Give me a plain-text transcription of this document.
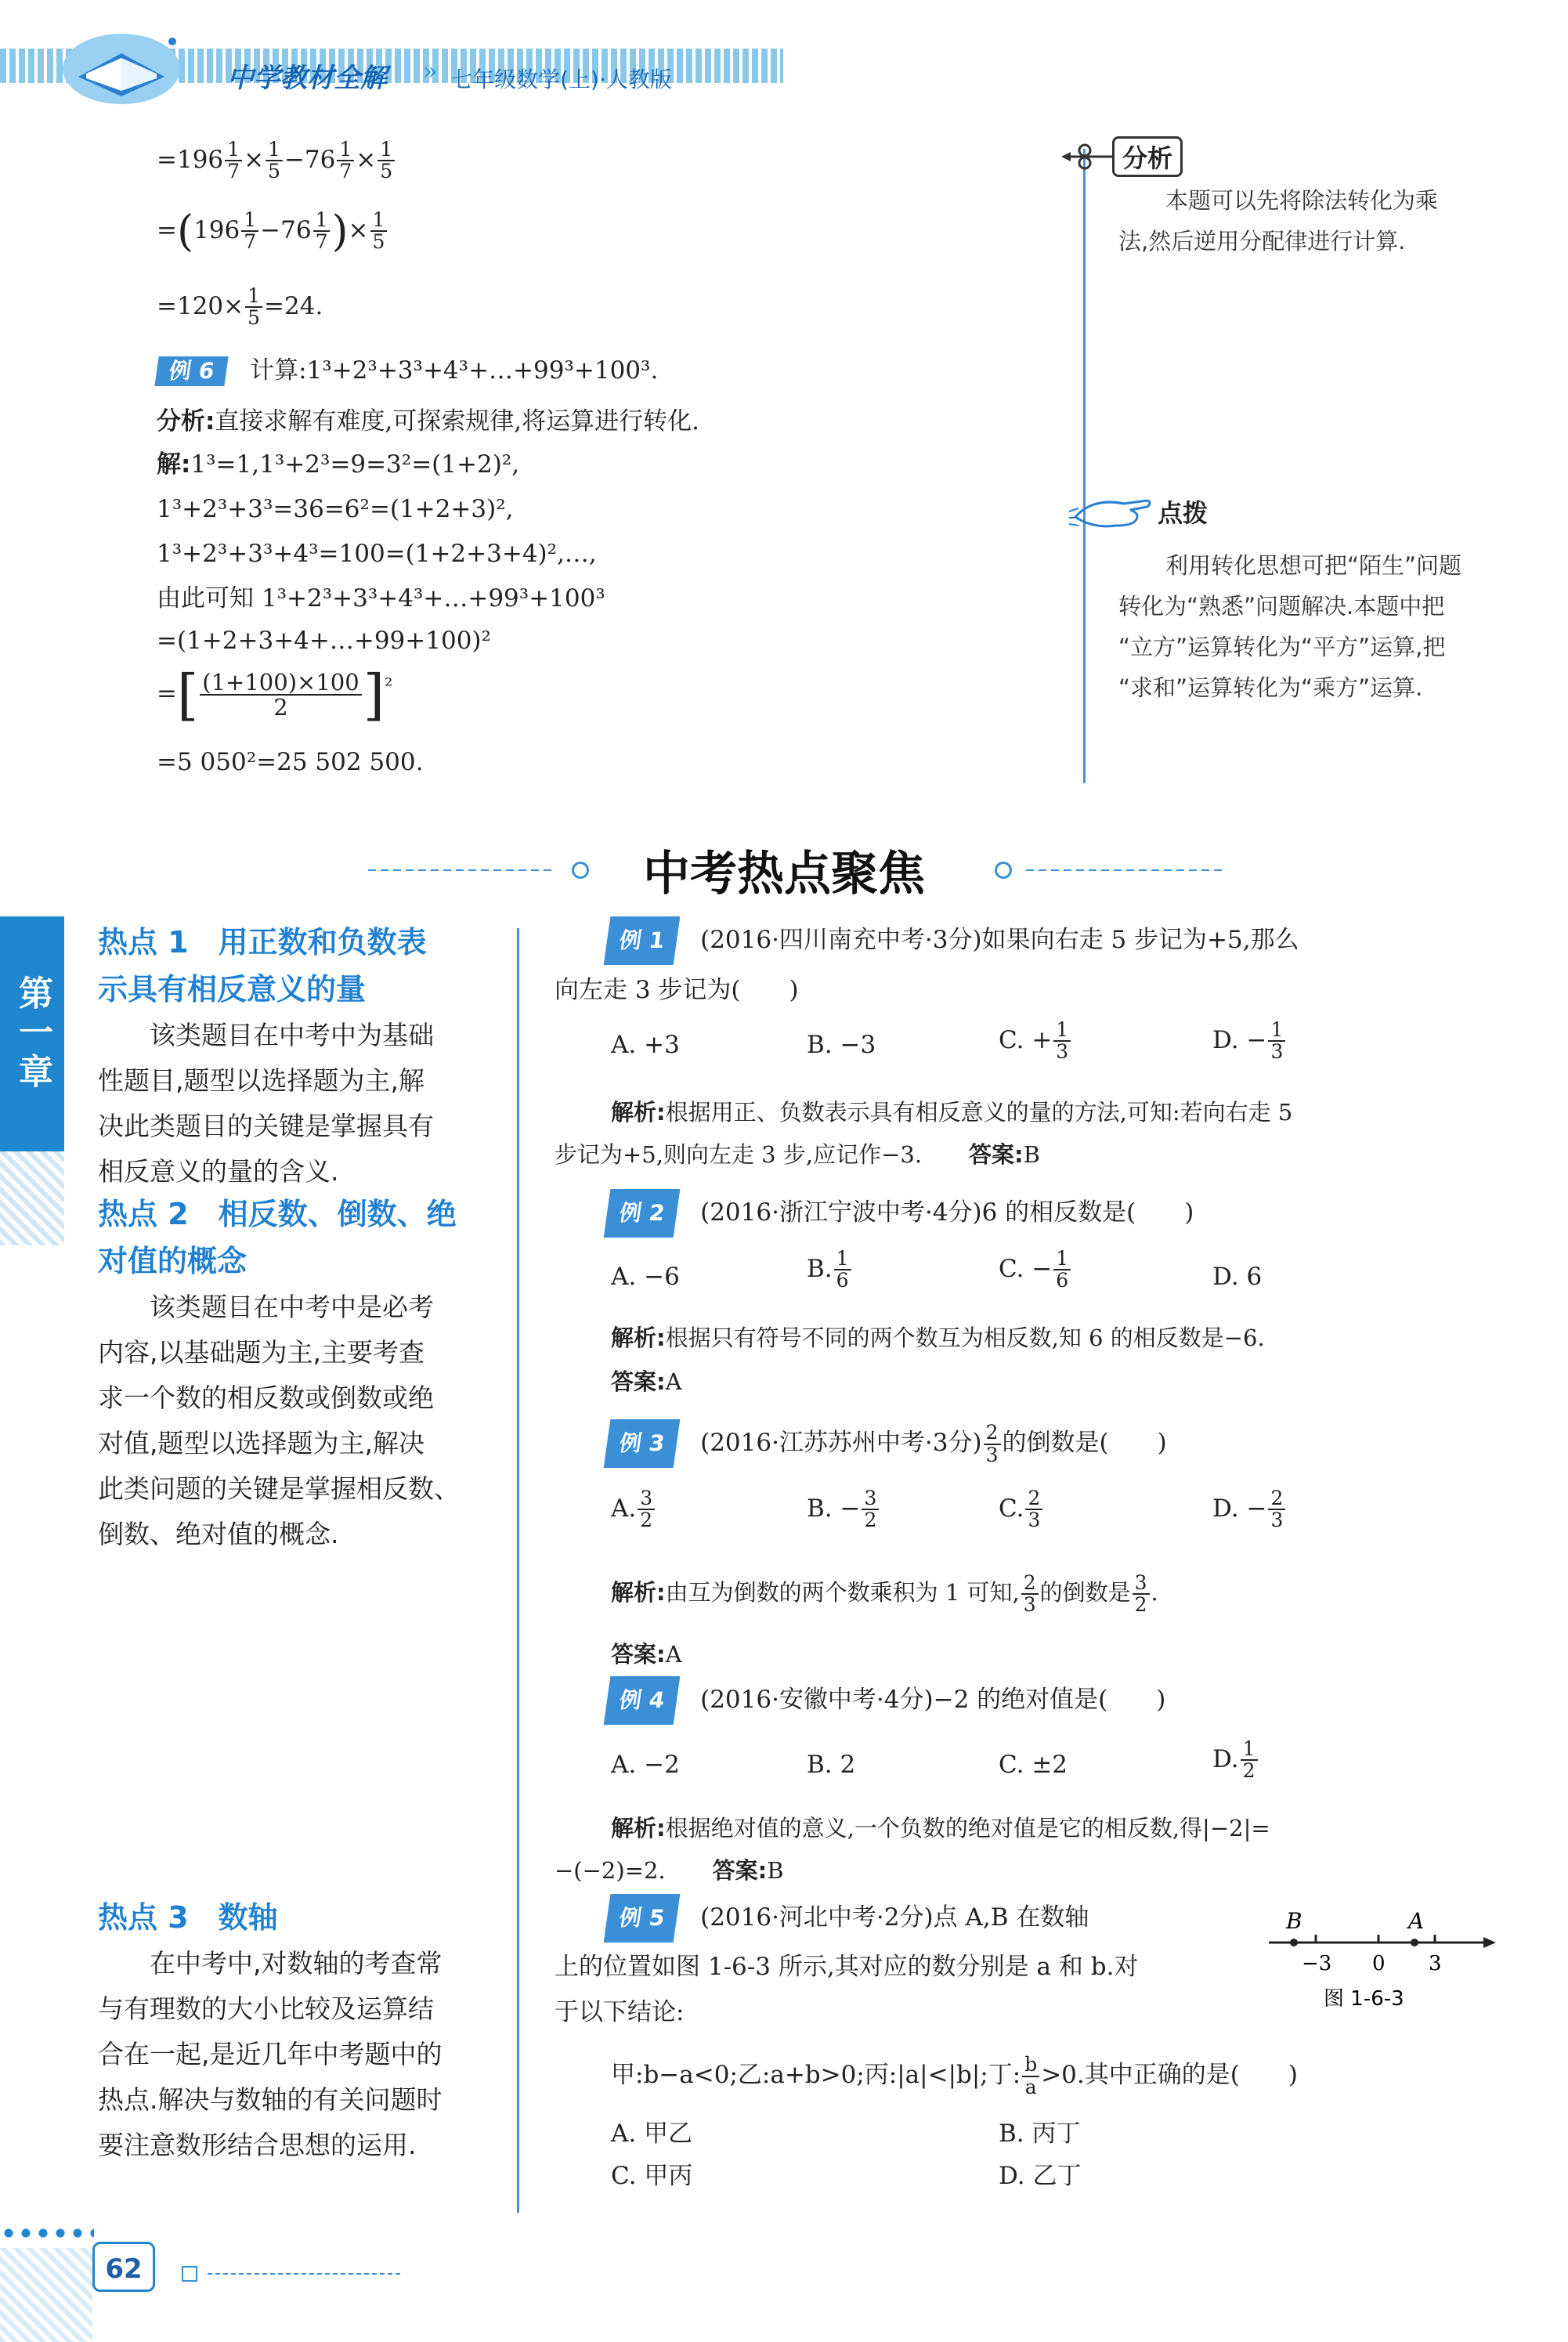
中学教材全解 » 七年级数学(上)·人教版
$=196 \frac{1}{7} \times \frac{1}{5} -76 \frac{1}{7} \times \frac{1}{5}$
$=(196 \frac{1}{7} -76 \frac{1}{7}$ )× $\frac{1}{5}$
$=120\times \frac{1}{5} =24$.
例 6 计算:1³+2³+3³+4³+…+99³+100³.
分析:直接求解有难度,可探索规律,将运算进行转化.
解:1³=1,1³+2³=9=3²=(1+2)²,
1³+2³+3³=36=6²=(1+2+3)²,
1³+2³+3³+4³=100=(1+2+3+4)²,…,
由此可知 1³+2³+3³+4³+…+99³+100³
=(1+2+3+4+…+99+100)²
=[ $\frac{(1+100)\times 100}{2} ]^{^2}$
=5 050²=25 502 500.
分析
本题可以先将除法转化为乘
法,然后逆用分配律进行计算.
点拨
利用转化思想可把“陌生”问题
转化为“熟悉”问题解决.本题中把
“立方”运算转化为“平方”运算,把
“求和”运算转化为“乘方”运算.
中考热点聚焦
第一章
热点 1　用正数和负数表
示具有相反意义的量
　　该类题目在中考中为基础
性题目,题型以选择题为主,解
决此类题目的关键是掌握具有
相反意义的量的含义.
热点 2　相反数、倒数、绝
对值的概念
　　该类题目在中考中是必考
内容,以基础题为主,主要考查
求一个数的相反数或倒数或绝
对值,题型以选择题为主,解决
此类问题的关键是掌握相反数、
倒数、绝对值的概念.
热点 3　数轴
　　在中考中,对数轴的考查常
与有理数的大小比较及运算结
合在一起,是近几年中考题中的
热点.解决与数轴的有关问题时
要注意数形结合思想的运用.
例 1 (2016·四川南充中考·3分)如果向右走 5 步记为+5,那么
向左走 3 步记为(　　)
A. +3	B. −3	C. + $\frac{1}{3}$	D. − $\frac{1}{3}$
解析:根据用正、负数表示具有相反意义的量的方法,可知:若向右走 5
步记为+5,则向左走 3 步,应记作−3. 答案:B
例 2 (2016·浙江宁波中考·4分)6 的相反数是(　　)
A. −6	B. $\frac{1}{6}$	C. − $\frac{1}{6}$	D. 6
解析:根据只有符号不同的两个数互为相反数,知 6 的相反数是−6.
答案:A
例 3 (2016·江苏苏州中考·3分) $\frac{2}{3}$ 的倒数是(　　)
A. $\frac{3}{2}$	B. − $\frac{3}{2}$	C. $\frac{2}{3}$	D. − $\frac{2}{3}$
解析:由互为倒数的两个数乘积为 1 可知, $\frac{2}{3}$ 的倒数是 $\frac{3}{2}$ .
答案:A
例 4 (2016·安徽中考·4分)−2 的绝对值是(　　)
A. −2	B. 2	C. ±2	D. $\frac{1}{2}$
解析:根据绝对值的意义,一个负数的绝对值是它的相反数,得|−2|=
−(−2)=2. 答案:B
例 5 (2016·河北中考·2分)点 A,B 在数轴
上的位置如图 1-6-3 所示,其对应的数分别是 a 和 b.对
于以下结论:
甲:b−a<0;乙:a+b>0;丙:|a|<|b|;丁: $\frac{b}{a} >0$.其中正确的是(　　)
A. 甲乙	B. 丙丁
C. 甲丙	D. 乙丁
B	A
−3 0 3
图 1-6-3
62
